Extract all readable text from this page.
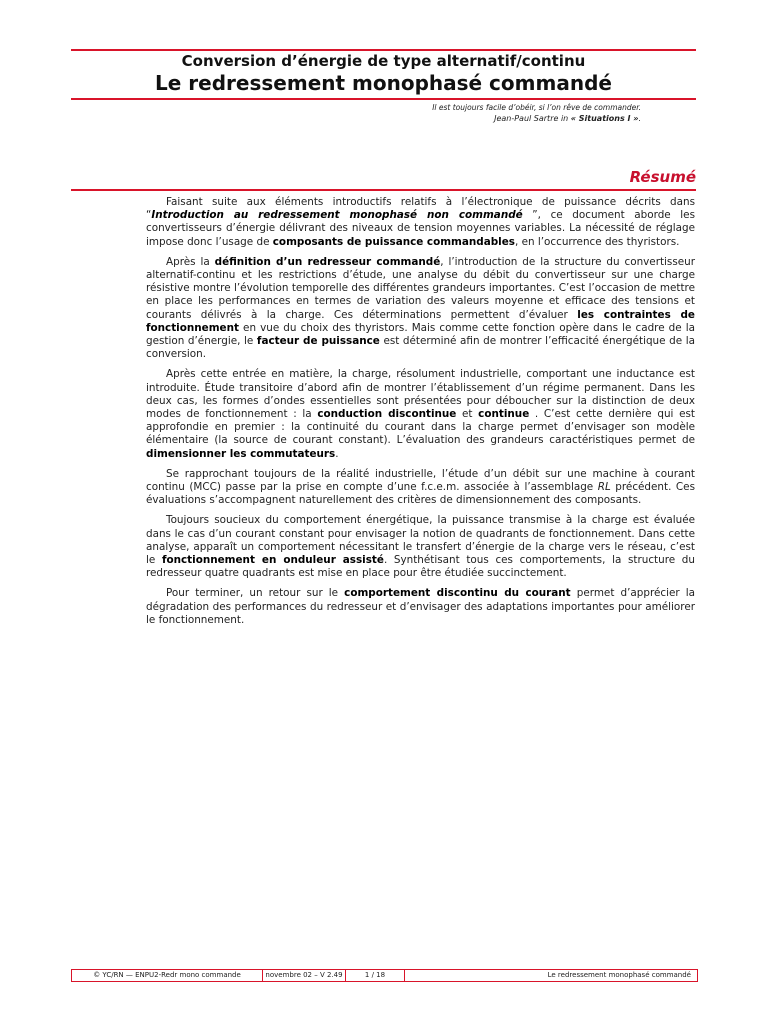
Conversion d’énergie de type alternatif/continu
Le redressement monophasé commandé
Il est toujours facile d’obéir, si l’on rêve de commander.
Jean-Paul Sartre in « Situations I ».
Résumé

Faisant suite aux éléments introductifs relatifs à l’électronique de puissance décrits dans “Introduction au redressement monophasé non commandé ”, ce document aborde les convertisseurs d’énergie délivrant des niveaux de tension moyennes variables. La nécessité de réglage impose donc l’usage de composants de puissance commandables, en l’occurrence des thyristors.

Après la définition d’un redresseur commandé, l’introduction de la structure du convertisseur alternatif-continu et les restrictions d’étude, une analyse du débit du convertisseur sur une charge résistive montre l’évolution temporelle des différentes grandeurs importantes. C’est l’occasion de mettre en place les performances en termes de variation des valeurs moyenne et efficace des tensions et courants délivrés à la charge. Ces déterminations permettent d’évaluer les contraintes de fonctionnement en vue du choix des thyristors. Mais comme cette fonction opère dans le cadre de la gestion d’énergie, le facteur de puissance est déterminé afin de montrer l’efficacité énergétique de la conversion.

Après cette entrée en matière, la charge, résolument industrielle, comportant une inductance est introduite. Étude transitoire d’abord afin de montrer l’établissement d’un régime permanent. Dans les deux cas, les formes d’ondes essentielles sont présentées pour déboucher sur la distinction de deux modes de fonctionnement : la conduction discontinue et continue . C’est cette dernière qui est approfondie en premier : la continuité du courant dans la charge permet d’envisager son modèle élémentaire (la source de courant constant). L’évaluation des grandeurs caractéristiques permet de dimensionner les commutateurs.

Se rapprochant toujours de la réalité industrielle, l’étude d’un débit sur une machine à courant continu (MCC) passe par la prise en compte d’une f.c.e.m. associée à l’assemblage RL précédent. Ces évaluations s’accompagnent naturellement des critères de dimensionnement des composants.

Toujours soucieux du comportement énergétique, la puissance transmise à la charge est évaluée dans le cas d’un courant constant pour envisager la notion de quadrants de fonctionnement. Dans cette analyse, apparaît un comportement nécessitant le transfert d’énergie de la charge vers le réseau, c’est le fonctionnement en onduleur assisté. Synthétisant tous ces comportements, la structure du redresseur quatre quadrants est mise en place pour être étudiée succinctement.

Pour terminer, un retour sur le comportement discontinu du courant permet d’apprécier la dégradation des performances du redresseur et d’envisager des adaptations importantes pour améliorer le fonctionnement.

© YC/RN — ENPU2-Redr mono commande	novembre 02 – V 2.49	1 / 18	Le redressement monophasé commandé
